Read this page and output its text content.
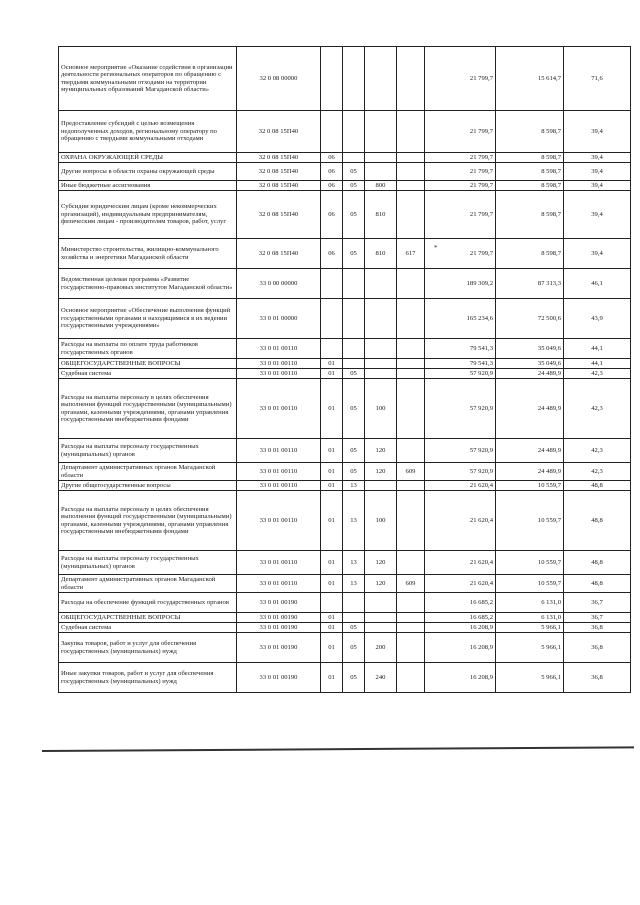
Основное мероприятие «Оказание содействия в организации деятельности региональных операторов по обращению с твердыми коммунальными отходами на территории муниципальных образований Магаданской области»	32 0 08 00000					21 799,7	15 614,7	71,6
Предоставление субсидий с целью возмещения недополученных доходов, региональному оператору по обращению с твердыми коммунальными отходами	32 0 08 15П40					21 799,7	8 598,7	39,4
ОХРАНА ОКРУЖАЮЩЕЙ СРЕДЫ	32 0 08 15П40	06				21 799,7	8 598,7	39,4
Другие вопросы в области охраны окружающей среды	32 0 08 15П40	06	05			21 799,7	8 598,7	39,4
Иные бюджетные ассигнования	32 0 08 15П40	06	05	800		21 799,7	8 598,7	39,4
Субсидии юридическим лицам (кроме некоммерческих организаций), индивидуальным предпринимателям, физическим лицам - производителям товаров, работ, услуг	32 0 08 15П40	06	05	810		21 799,7	8 598,7	39,4
Министерство строительства, жилищно-коммунального хозяйства и энергетики Магаданской области	32 0 08 15П40	06	05	810	617	21 799,7	8 598,7	39,4
Ведомственная целевая программа «Развитие государственно-правовых институтов Магаданской области»	33 0 00 00000					189 309,2	87 313,3	46,1
Основное мероприятие «Обеспечение выполнения функций государственными органами и находящимися в их ведении государственными учреждениями»	33 0 01 00000					165 234,6	72 500,6	43,9
Расходы на выплаты по оплате труда работников государственных органов	33 0 01 00110					79 541,3	35 049,6	44,1
ОБЩЕГОСУДАРСТВЕННЫЕ ВОПРОСЫ	33 0 01 00110	01				79 541,3	35 049,6	44,1
Судебная система	33 0 01 00110	01	05			57 920,9	24 489,9	42,3
Расходы на выплаты персоналу в целях обеспечения выполнения функций государственными (муниципальными) органами, казенными учреждениями, органами управления государственными внебюджетными фондами	33 0 01 00110	01	05	100		57 920,9	24 489,9	42,3
Расходы на выплаты персоналу государственных (муниципальных) органов	33 0 01 00110	01	05	120		57 920,9	24 489,9	42,3
Департамент административных органов Магаданской области	33 0 01 00110	01	05	120	609	57 920,9	24 489,9	42,3
Другие общегосударственные вопросы	33 0 01 00110	01	13			21 620,4	10 559,7	48,8
Расходы на выплаты персоналу в целях обеспечения выполнения функций государственными (муниципальными) органами, казенными учреждениями, органами управления государственными внебюджетными фондами	33 0 01 00110	01	13	100		21 620,4	10 559,7	48,8
Расходы на выплаты персоналу государственных (муниципальных) органов	33 0 01 00110	01	13	120		21 620,4	10 559,7	48,8
Департамент административных органов Магаданской области	33 0 01 00110	01	13	120	609	21 620,4	10 559,7	48,8
Расходы на обеспечение функций государственных органов	33 0 01 00190					16 685,2	6 131,0	36,7
ОБЩЕГОСУДАРСТВЕННЫЕ ВОПРОСЫ	33 0 01 00190	01				16 685,2	6 131,0	36,7
Судебная система	33 0 01 00190	01	05			16 208,9	5 966,1	36,8
Закупка товаров, работ и услуг для обеспечения государственных (муниципальных) нужд	33 0 01 00190	01	05	200		16 208,9	5 966,1	36,8
Иные закупки товаров, работ и услуг для обеспечения государственных (муниципальных) нужд	33 0 01 00190	01	05	240		16 208,9	5 966,1	36,8
*
